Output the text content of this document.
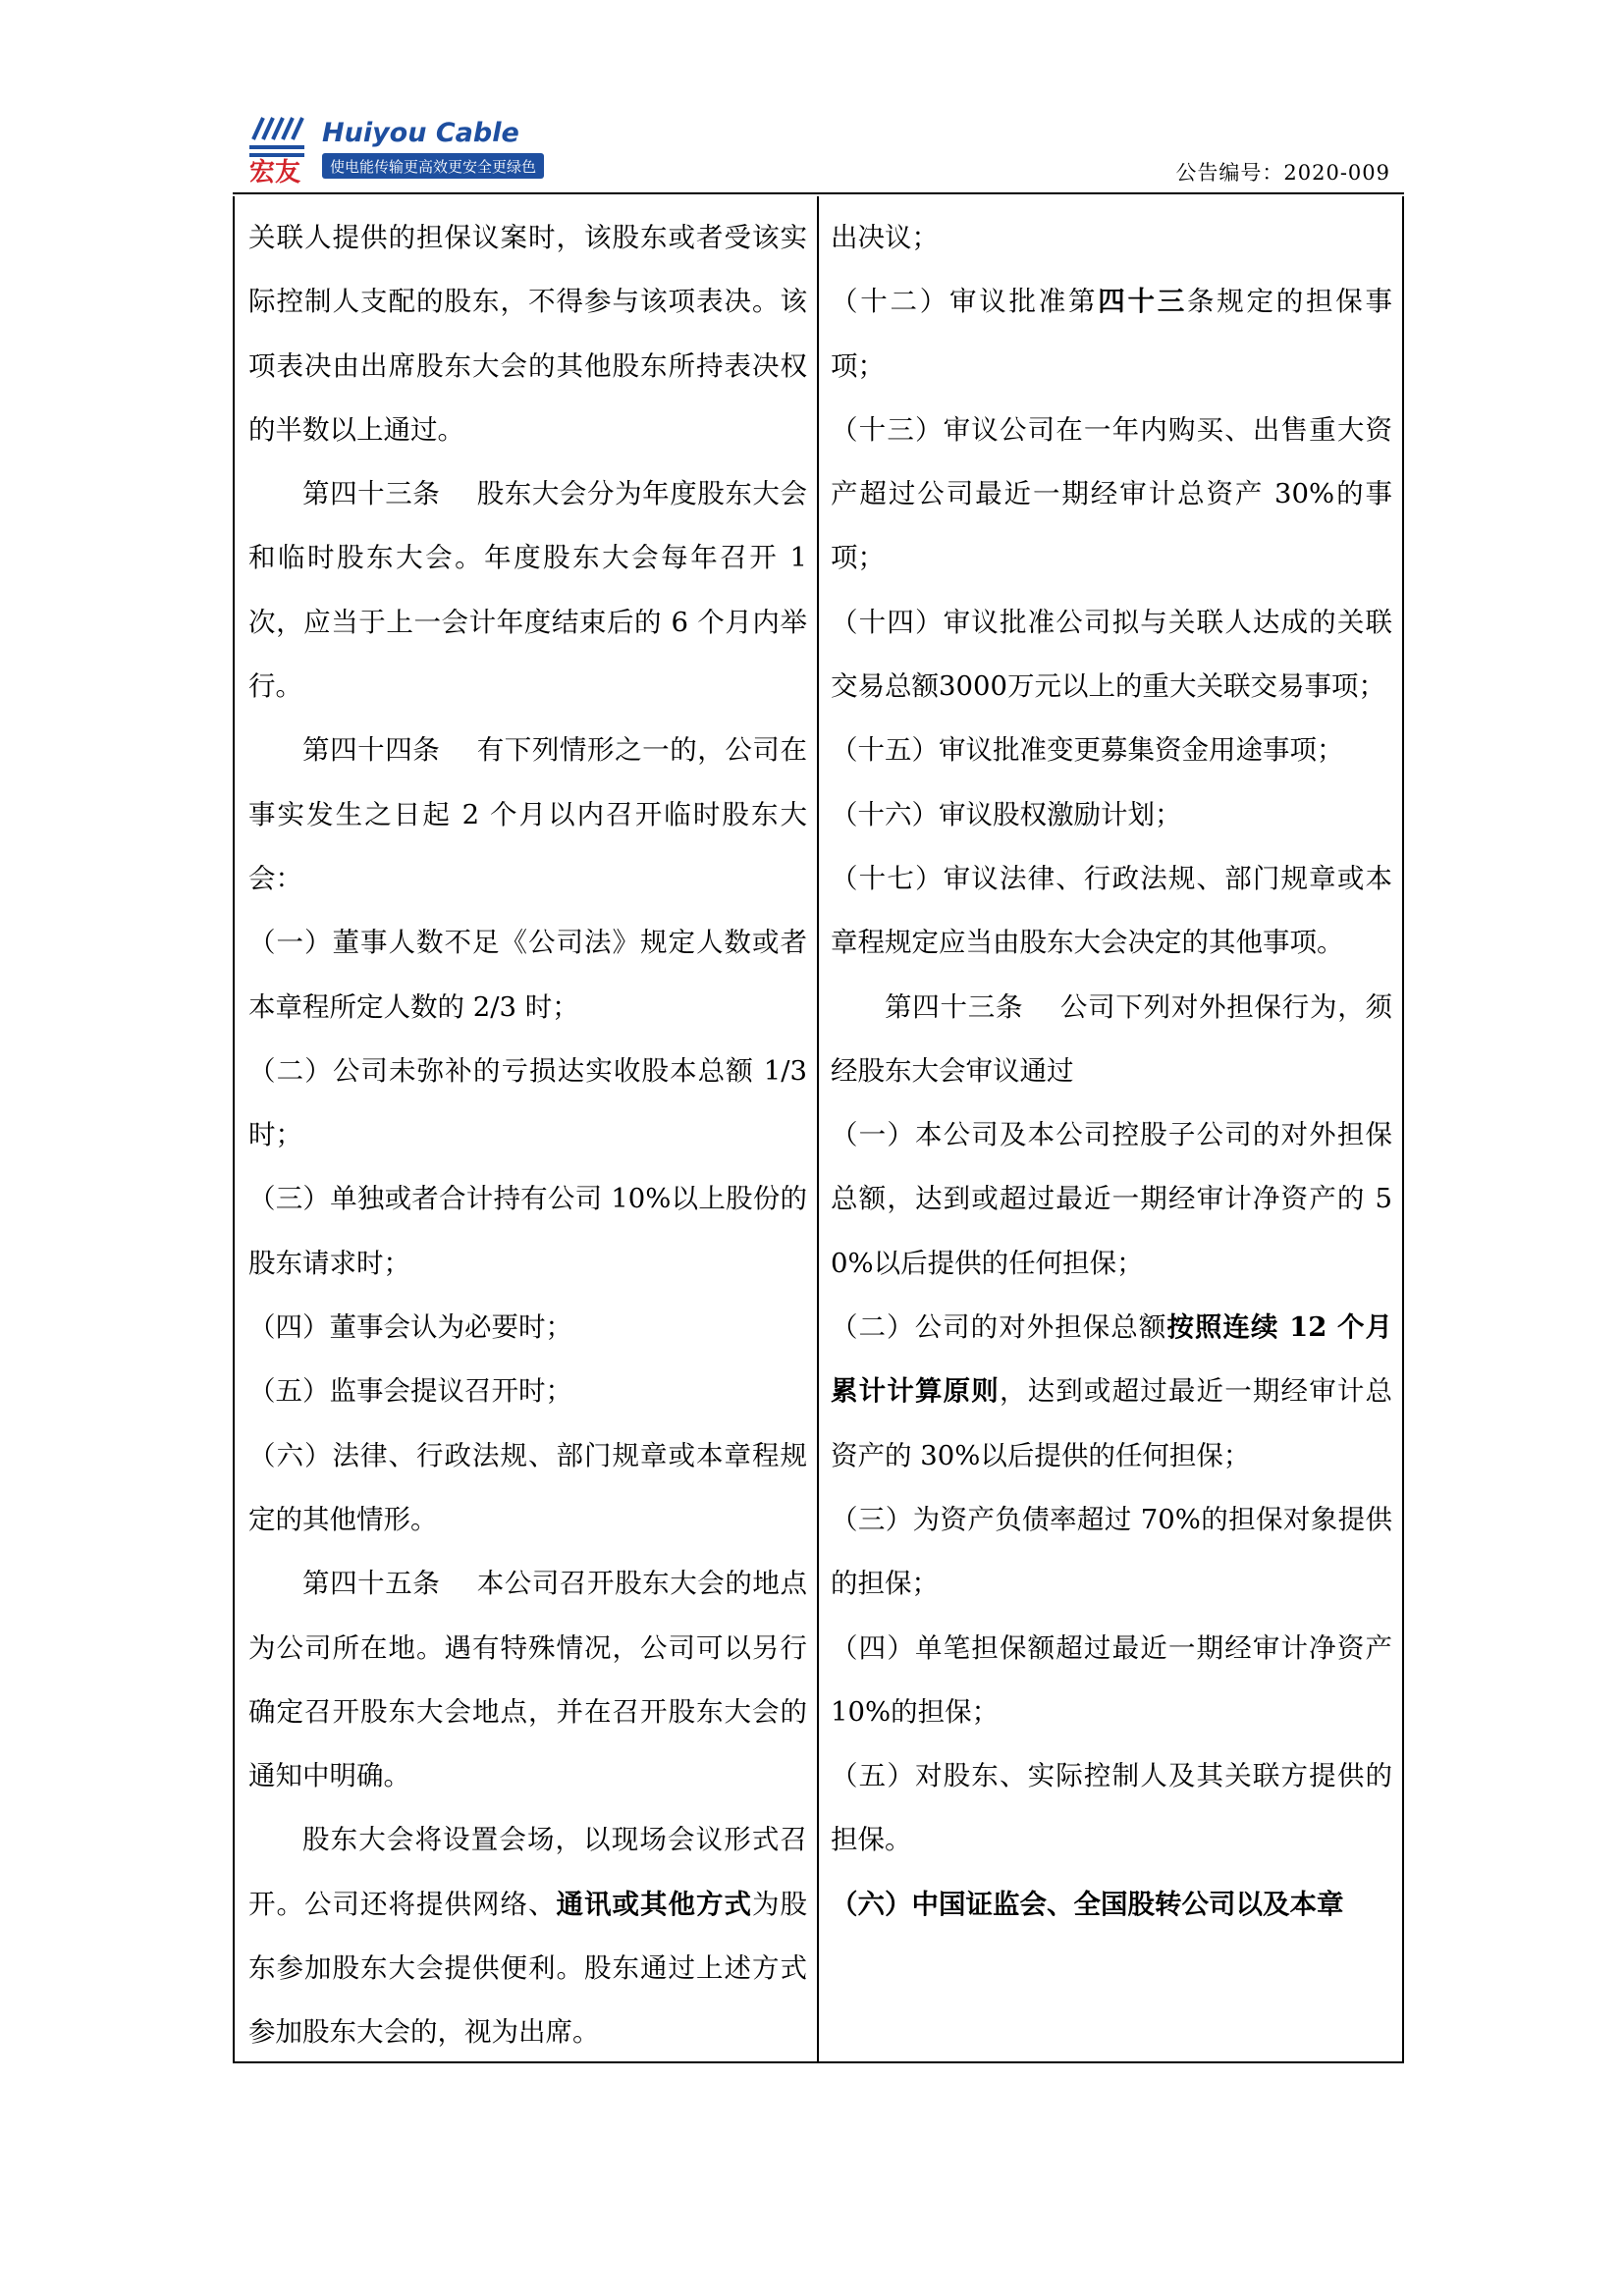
宏友
Huiyou Cable
使电能传输更高效更安全更绿色	公告编号：2020-009

关联人提供的担保议案时，该股东或者受该实际控制人支配的股东，不得参与该项表决。该项表决由出席股东大会的其他股东所持表决权的半数以上通过。

第四十三条　 股东大会分为年度股东大会和临时股东大会。年度股东大会每年召开 1 次，应当于上一会计年度结束后的 6 个月内举行。

第四十四条　 有下列情形之一的，公司在事实发生之日起 2 个月以内召开临时股东大会：

（一）董事人数不足《公司法》规定人数或者本章程所定人数的 2/3 时；

（二）公司未弥补的亏损达实收股本总额 1/3 时；

（三）单独或者合计持有公司 10%以上股份的股东请求时；

（四）董事会认为必要时；

（五）监事会提议召开时；

（六）法律、行政法规、部门规章或本章程规定的其他情形。

第四十五条　 本公司召开股东大会的地点为公司所在地。遇有特殊情况，公司可以另行确定召开股东大会地点，并在召开股东大会的通知中明确。

股东大会将设置会场，以现场会议形式召开。公司还将提供网络、通讯或其他方式为股东参加股东大会提供便利。股东通过上述方式参加股东大会的，视为出席。

出决议；

（十二）审议批准第四十三条规定的担保事项；

（十三）审议公司在一年内购买、出售重大资产超过公司最近一期经审计总资产 30%的事项；

（十四）审议批准公司拟与关联人达成的关联交易总额3000万元以上的重大关联交易事项；

（十五）审议批准变更募集资金用途事项；

（十六）审议股权激励计划；

（十七）审议法律、行政法规、部门规章或本章程规定应当由股东大会决定的其他事项。

第四十三条　 公司下列对外担保行为，须经股东大会审议通过

（一）本公司及本公司控股子公司的对外担保总额，达到或超过最近一期经审计净资产的 50%以后提供的任何担保；

（二）公司的对外担保总额按照连续 12 个月累计计算原则，达到或超过最近一期经审计总资产的 30%以后提供的任何担保；

（三）为资产负债率超过 70%的担保对象提供的担保；

（四）单笔担保额超过最近一期经审计净资产 10%的担保；

（五）对股东、实际控制人及其关联方提供的担保。

（六）中国证监会、全国股转公司以及本章
